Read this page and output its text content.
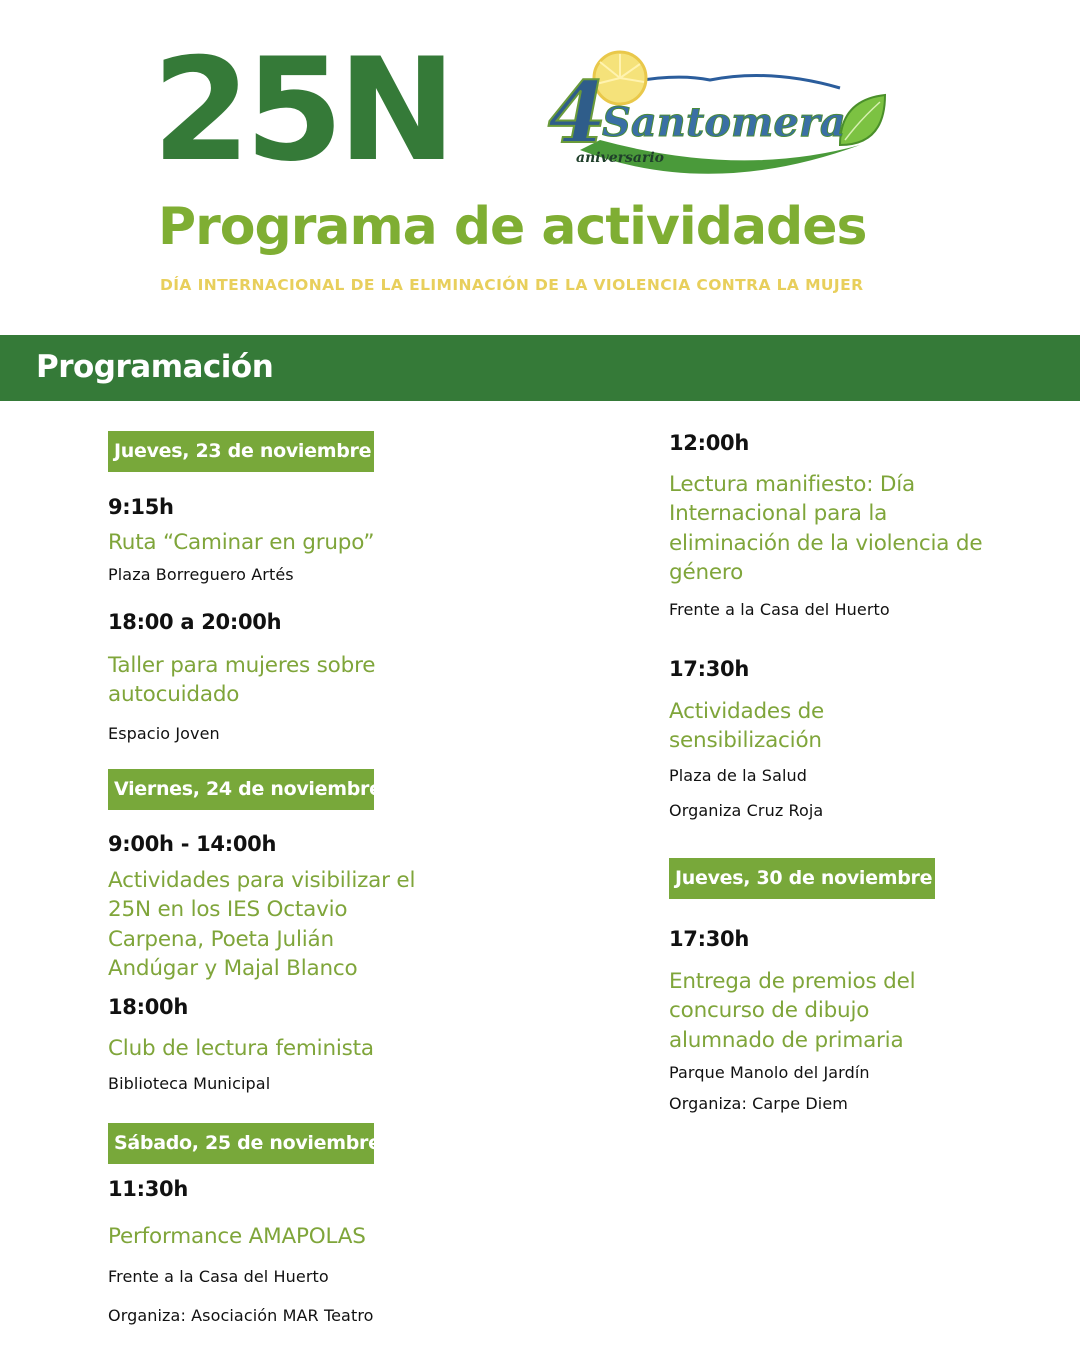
25N 4
Santomera
aniversario
Programa de actividades
DÍA INTERNACIONAL DE LA ELIMINACIÓN DE LA VIOLENCIA CONTRA LA MUJER
Programación
Jueves, 23 de noviembre
9:15h
Ruta “Caminar en grupo”
Plaza Borreguero Artés
18:00 a 20:00h
Taller para mujeres sobre
autocuidado
Espacio Joven
Viernes, 24 de noviembre
9:00h - 14:00h
Actividades para visibilizar el
25N en los IES Octavio
Carpena, Poeta Julián
Andúgar y Majal Blanco
18:00h
Club de lectura feminista
Biblioteca Municipal
Sábado, 25 de noviembre
11:30h
Performance AMAPOLAS
Frente a la Casa del Huerto
Organiza: Asociación MAR Teatro
12:00h
Lectura manifiesto: Día
Internacional para la
eliminación de la violencia de
género
Frente a la Casa del Huerto
17:30h
Actividades de
sensibilización
Plaza de la Salud
Organiza Cruz Roja
Jueves, 30 de noviembre
17:30h
Entrega de premios del
concurso de dibujo
alumnado de primaria
Parque Manolo del Jardín
Organiza: Carpe Diem
